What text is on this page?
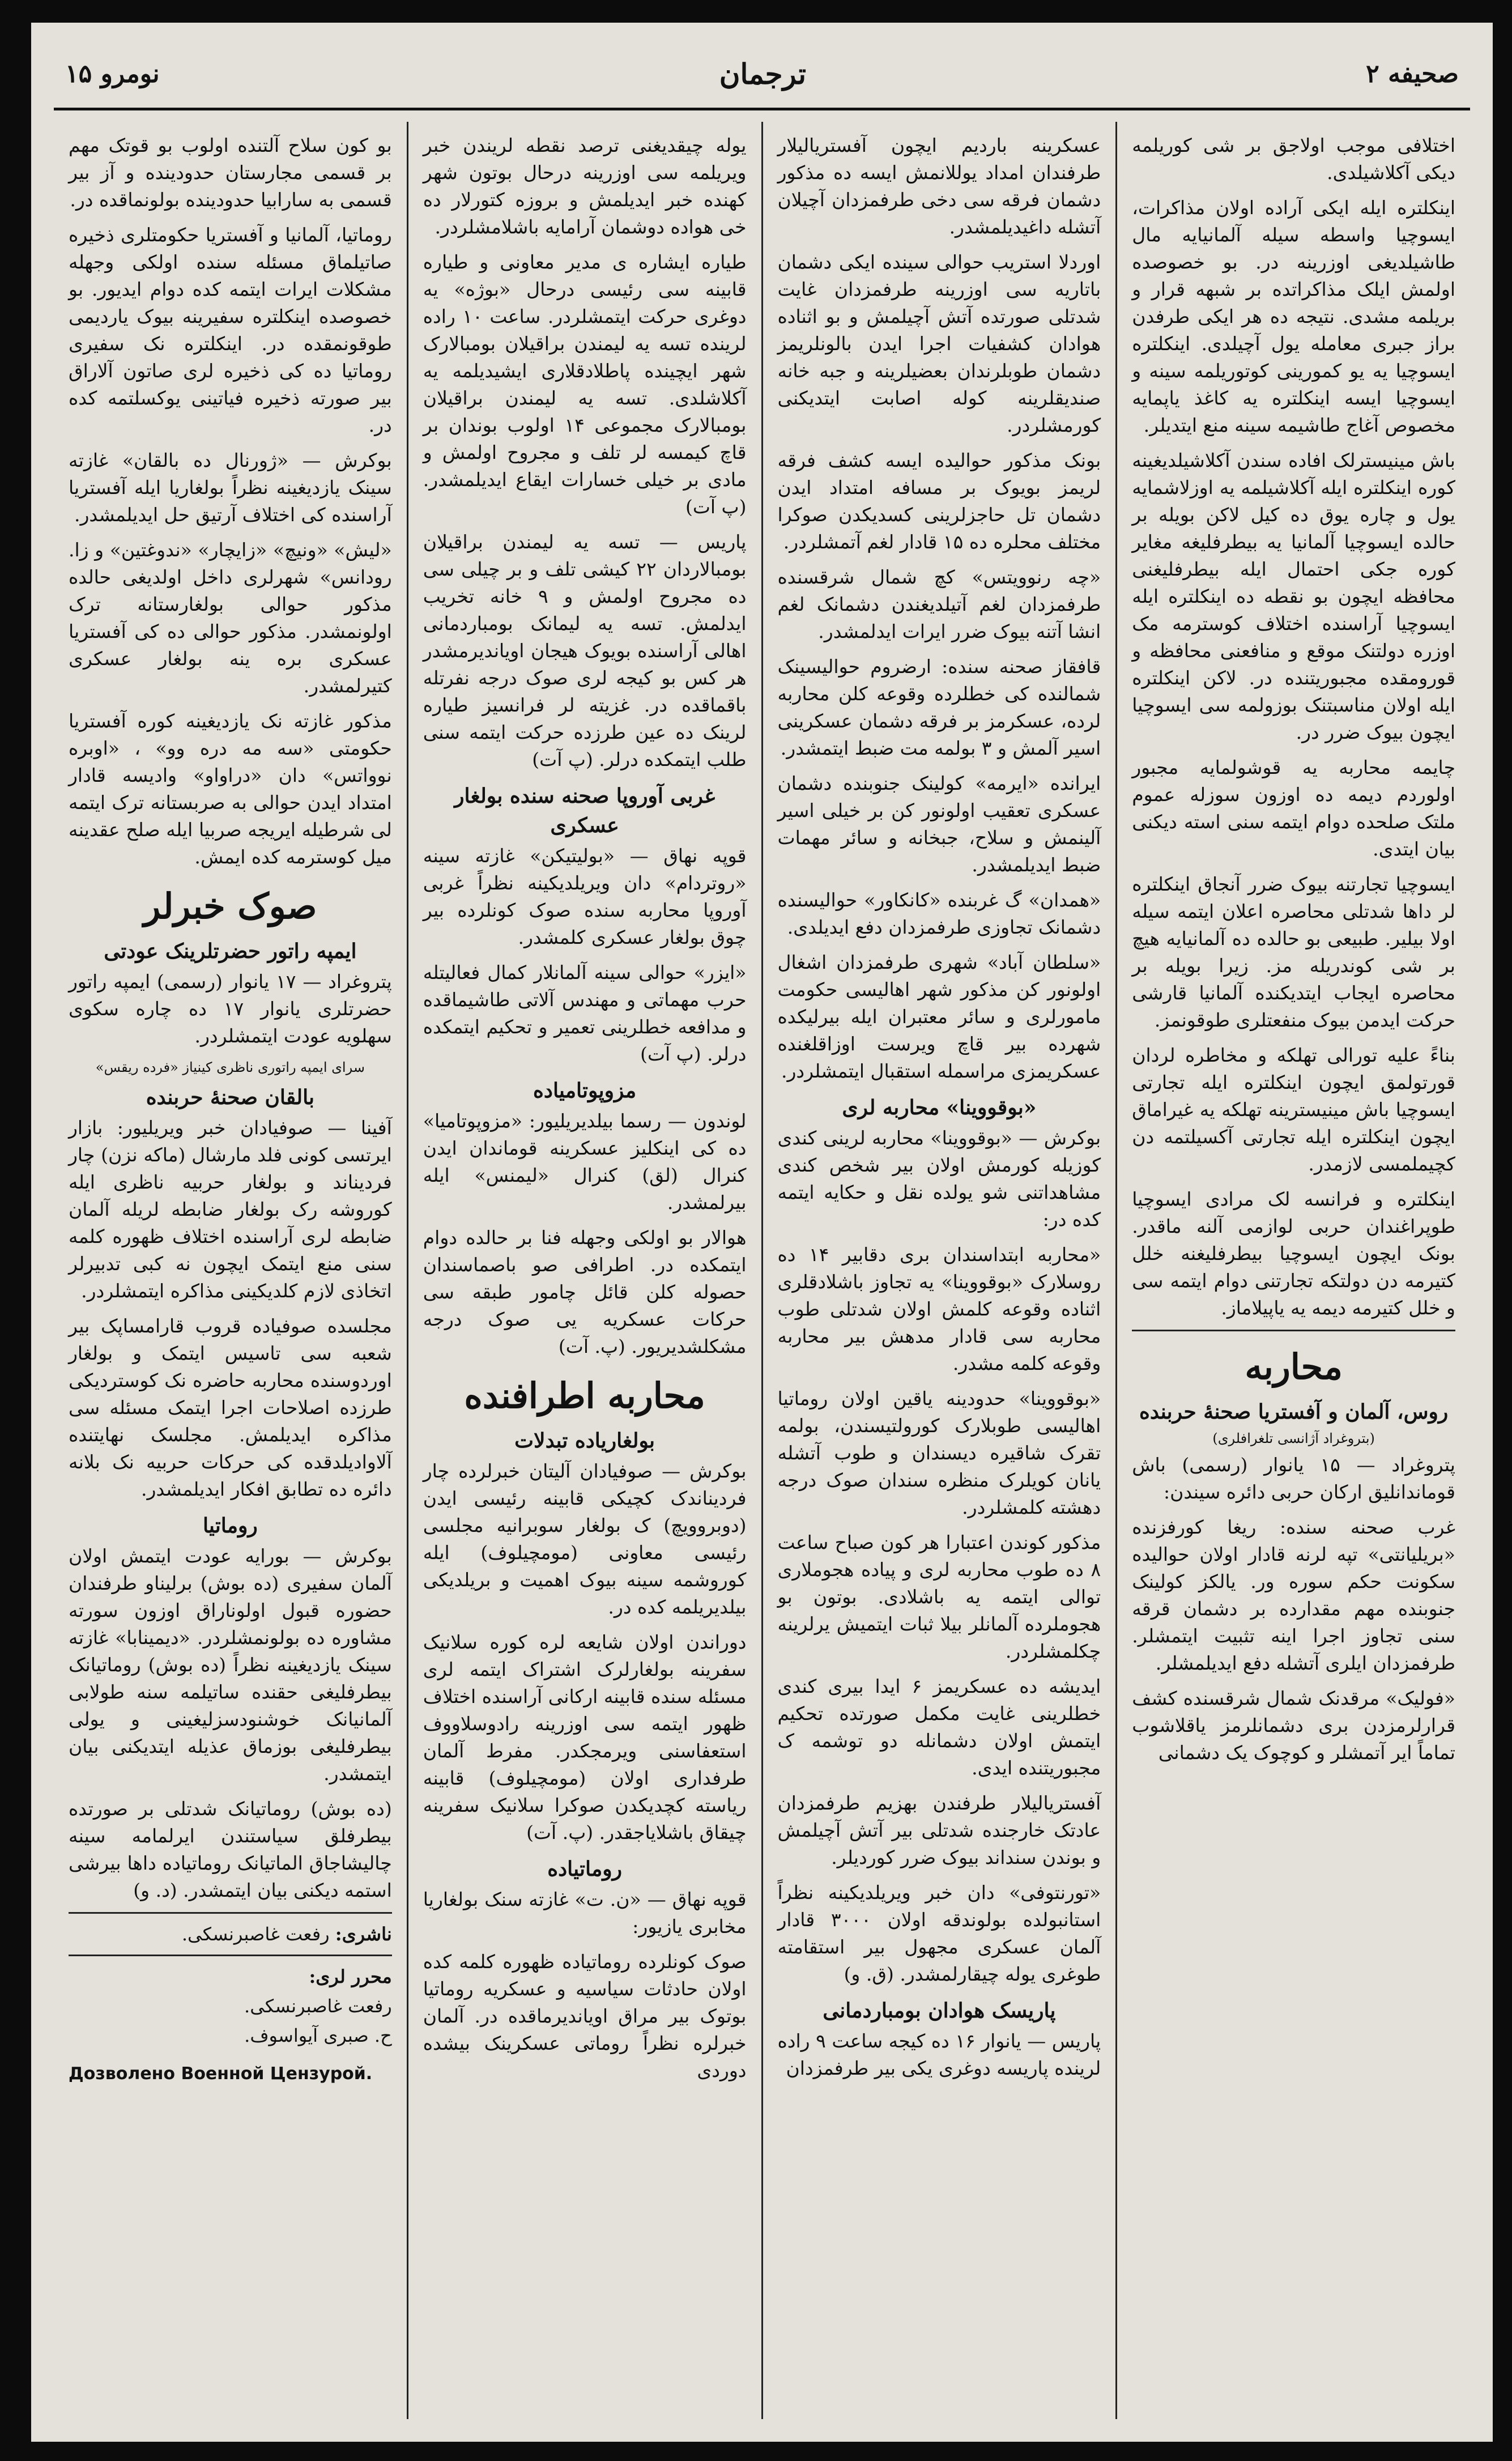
صحیفه ۲
ترجمان
نومرو ۱۵

اختلافی موجب اولاجق بر شی کوریلمه دیکی آکلاشیلدی.

اینکلتره ایله ایکی آراده اولان مذاکرات، ایسوچیا واسطه سیله آلمانیایه مال طاشیلدیغی اوزرینه در. بو خصوصده اولمش ایلک مذاکراتده بر شبهه قرار و بریلمه مشدی. نتیجه ده هر ایکی طرفدن براز جبری معامله یول آچیلدی. اینکلتره ایسوچیا یه یو کمورینی کوتوریلمه سینه و ایسوچیا ایسه اینکلتره یه کاغذ یاپمایه مخصوص آغاج طاشیمه سینه منع ایتدیلر.

باش مینیسترلک افاده سندن آکلاشیلدیغینه کوره اینکلتره ایله آکلاشیلمه یه اوزلاشمایه یول و چاره یوق ده کیل لاکن بویله بر حالده ایسوچیا آلمانیا یه بیطرفلیغه مغایر کوره جکی احتمال ایله بیطرفلیغنی محافظه ایچون بو نقطه ده اینکلتره ایله ایسوچیا آراسنده اختلاف کوسترمه مک اوزره دولتنک موقع و منافعنی محافظه و قورومقده مجبوریتنده در. لاکن اینکلتره ایله اولان مناسبتنک بوزولمه سی ایسوچیا ایچون بیوک ضرر در.

چایمه محاربه یه قوشولمایه مجبور اولوردم دیمه ده اوزون سوزله عموم ملتک صلحده دوام ایتمه سنی استه دیکنی بیان ایتدی.

ایسوچیا تجارتنه بیوک ضرر آنجاق اینکلتره لر داها شدتلی محاصره اعلان ایتمه سیله اولا بیلیر. طبیعی بو حالده ده آلمانیایه هیچ بر شی کوندریله مز. زیرا بویله بر محاصره ایجاب ایتدیکنده آلمانیا قارشی حرکت ایدمن بیوک منفعتلری طوقونمز.

بناءً علیه تورالی تهلکه و مخاطره لردان قورتولمق ایچون اینکلتره ایله تجارتی ایسوچیا باش مینیسترینه تهلکه یه غیراماق ایچون اینکلتره ایله تجارتی آکسیلتمه دن کچیملمسی لازمدر.

اینکلتره و فرانسه لک مرادی ایسوچیا طوپراغندان حربی لوازمی آلنه ماقدر. بونک ایچون ایسوچیا بیطرفلیغنه خلل کتیرمه دن دولتکه تجارتنی دوام ایتمه سی و خلل کتیرمه دیمه یه یاپیلاماز.

محاربه
روس، آلمان و آفستریا صحنهٔ حربنده
(بتروغراد آژانسی تلغرافلری)

پتروغراد — ۱۵ یانوار (رسمی) باش قوماندانلیق ارکان حربی دائره سیندن:

غرب صحنه سنده: ریغا کورفزنده «بریلیانتی» تپه لرنه قادار اولان حوالیده سکونت حکم سوره ور. یالکز کولینک جنوبنده مهم مقدارده بر دشمان قرقه سنی تجاوز اجرا اینه تثبیت ایتمشلر. طرفمزدان ایلری آتشله دفع ایدیلمشلر.

«فولیک» مرقدنک شمال شرقسنده کشف قرارلرمزدن بری دشمانلرمز یاقلاشوب تماماً ایر آتمشلر و کوچوک یک دشمانی

عسکرینه باردیم ایچون آفستریالیلار طرفندان امداد یوللانمش ایسه ده مذکور دشمان فرقه سی دخی طرفمزدان آچیلان آتشله داغیدیلمشدر.

اوردلا استریب حوالی سینده ایکی دشمان باتاریه سی اوزرینه طرفمزدان غایت شدتلی صورتده آتش آچیلمش و بو اثناده هوادان کشفیات اجرا ایدن بالونلریمز دشمان طوبلرندان بعضیلرینه و جبه خانه صندیقلرینه کوله اصابت ایتدیکنی کورمشلردر.

بونک مذکور حوالیده ایسه کشف فرقه لریمز بویوک بر مسافه امتداد ایدن دشمان تل حاجزلرینی کسدیکدن صوکرا مختلف محلره ده ۱۵ قادار لغم آتمشلردر.

«چه رنوویتس» کچ شمال شرقسنده طرفمزدان لغم آتیلدیغندن دشمانک لغم انشا آتنه بیوک ضرر ایرات ایدلمشدر.

قافقاز صحنه سنده: ارضروم حوالیسینک شمالنده کی خطلرده وقوعه کلن محاربه لرده، عسکرمز بر فرقه دشمان عسکرینی اسیر آلمش و ۳ بولمه مت ضبط ایتمشدر.

ایرانده «ایرمه» کولینک جنوبنده دشمان عسکری تعقیب اولونور کن بر خیلی اسیر آلینمش و سلاح، جبخانه و سائر مهمات ضبط ایدیلمشدر.

«همدان» گ غربنده «کانکاور» حوالیسنده دشمانک تجاوزی طرفمزدان دفع ایدیلدی.

«سلطان آباد» شهری طرفمزدان اشغال اولونور کن مذکور شهر اهالیسی حکومت مامورلری و سائر معتبران ایله بیرلیکده شهرده بیر قاچ ویرست اوزاقلغنده عسکریمزی مراسمله استقبال ایتمشلردر.

«بوقووینا» محاربه لری

بوکرش — «بوقووینا» محاربه لرینی کندی کوزیله کورمش اولان بیر شخص کندی مشاهداتنی شو یولده نقل و حکایه ایتمه کده در:

«محاربه ابتداسندان بری دقابیر ۱۴ ده روسلارک «بوقووینا» یه تجاوز باشلادقلری اثناده وقوعه کلمش اولان شدتلی طوب محاربه سی قادار مدهش بیر محاربه وقوعه کلمه مشدر.

«بوقووینا» حدودینه یاقین اولان روماتیا اهالیسی طوبلارک کورولتیسندن، بولمه تقرک شاقیره دیسندان و طوب آتشله یانان کویلرک منظره سندان صوک درجه دهشته کلمشلردر.

مذکور کوندن اعتبارا هر کون صباح ساعت ۸ ده طوب محاربه لری و پیاده هجوملاری توالی ایتمه یه باشلادی. بوتون بو هجوملرده آلمانلر بیلا ثبات ایتمیش یرلرینه چکلمشلردر.

ایدیشه ده عسکریمز ۶ ایدا بیری کندی خطلرینی غایت مکمل صورتده تحکیم ایتمش اولان دشمانله دو توشمه ک مجبوریتنده ایدی.

آفستریالیلار طرفندن بهزیم طرفمزدان عادتک خارجنده شدتلی بیر آتش آچیلمش و بوندن سنداند بیوک ضرر کوردیلر.

«تورنتوفی» دان خبر ویریلدیکینه نظراً استانبولده بولوندقه اولان ۳۰۰۰ قادار آلمان عسکری مجهول بیر استقامته طوغری یوله چیقارلمشدر. (ق. و)

پاریسک هوادان بومباردمانی

پاریس — یانوار ۱۶ ده کیجه ساعت ۹ راده لرینده پاریسه دوغری یکی بیر طرفمزدان

یوله چیقدیغنی ترصد نقطه لریندن خبر ویریلمه سی اوزرینه درحال بوتون شهر کهنده خبر ایدیلمش و بروزه کتورلار ده خی هواده دوشمان آرامایه باشلامشلردر.

طیاره ایشاره ی مدیر معاونی و طیاره قابینه سی رئیسی درحال «بوژه» یه دوغری حرکت ایتمشلردر. ساعت ۱۰ راده لرینده تسه یه لیمندن براقیلان بومبالارک شهر ایچینده پاطلادقلاری ایشیدیلمه یه آکلاشلدی. تسه یه لیمندن براقیلان بومبالارک مجموعی ۱۴ اولوب بوندان بر قاچ کیمسه لر تلف و مجروح اولمش و مادی بر خیلی خسارات ایقاع ایدیلمشدر. (پ آت)

پاریس — تسه یه لیمندن براقیلان بومبالاردان ۲۲ کیشی تلف و بر چیلی سی ده مجروح اولمش و ۹ خانه تخریب ایدلمش. تسه یه لیمانک بومباردمانی اهالی آراسنده بویوک هیجان اویاندیرمشدر هر کس بو کیجه لری صوک درجه نفرتله باقماقده در. غزیته لر فرانسیز طیاره لرینک ده عین طرزده حرکت ایتمه سنی طلب ایتمکده درلر. (پ آت)

غربی آوروپا صحنه سنده بولغار عسکری

قوپه نهاق — «بولیتیکن» غازته سینه «روتردام» دان ویریلدیکینه نظراً غربی آوروپا محاربه سنده صوک کونلرده بیر چوق بولغار عسکری کلمشدر.

«ایزر» حوالی سینه آلمانلار کمال فعالیتله حرب مهماتی و مهندس آلاتی طاشیماقده و مدافعه خطلرینی تعمیر و تحکیم ایتمکده درلر. (پ آت)

مزوپوتامیاده

لوندون — رسما بیلدیریلیور: «مزوپوتامیا» ده کی اینکلیز عسکرینه قوماندان ایدن کنرال (لق) کنرال «لیمنس» ایله بیرلمشدر.

هوالار بو اولکی وجهله فنا بر حالده دوام ایتمکده در. اطرافی صو باصماسندان حصوله کلن قائل چامور طبقه سی حرکات عسکریه یی صوک درجه مشکلشدیریور. (پ. آت)

محاربه اطرافنده
بولغاریاده تبدلات

بوکرش — صوفیادان آلیتان خبرلرده چار فردیناندک کچیکی قابینه رئیسی ایدن (دوبروویچ) ک بولغار سوبرانیه مجلسی رئیسی معاونی (مومچیلوف) ایله کوروشمه سینه بیوک اهمیت و بریلدیکی بیلدیریلمه کده در.

دوراندن اولان شایعه لره کوره سلانیک سفرینه بولغارلرک اشتراک ایتمه لری مسئله سنده قابینه ارکانی آراسنده اختلاف ظهور ایتمه سی اوزرینه رادوسلاووف استعفاسنی ویرمجکدر. مفرط آلمان طرفداری اولان (مومچیلوف) قابینه ریاسته کچدیکدن صوکرا سلانیک سفرینه چیقاق باشلایاجقدر. (پ. آت)

روماتیاده

قوپه نهاق — «ن. ت» غازته سنک بولغاریا مخابری یازیور:

صوک کونلرده روماتیاده ظهوره کلمه کده اولان حادثات سیاسیه و عسکریه روماتیا بوتوک بیر مراق اویاندیرماقده در. آلمان خبرلره نظراً روماتی عسکرینک بیشده دوردی

بو کون سلاح آلتنده اولوب بو قوتک مهم بر قسمی مجارستان حدودینده و آز بیر قسمی به سارابیا حدودینده بولونماقده در.

روماتیا، آلمانیا و آفستریا حکومتلری ذخیره صاتیلماق مسئله سنده اولکی وجهله مشکلات ایرات ایتمه کده دوام ایدیور. بو خصوصده اینکلتره سفیرینه بیوک یاردیمی طوقونمقده در. اینکلتره نک سفیری روماتیا ده کی ذخیره لری صاتون آلاراق بیر صورته ذخیره فیاتینی یوکسلتمه کده در.

بوکرش — «ژورنال ده بالقان» غازته سینک یازدیغینه نظراً بولغاریا ایله آفستریا آراسنده کی اختلاف آرتیق حل ایدیلمشدر.

«لیش» «ونیچ» «زایچار» «ندوغتین» و زا. رودانس» شهرلری داخل اولدیغی حالده مذکور حوالی بولغارستانه ترک اولونمشدر. مذکور حوالی ده کی آفستریا عسکری بره ینه بولغار عسکری کتیرلمشدر.

مذکور غازته نک یازدیغینه کوره آفستریا حکومتی «سه مه دره وو» ، «اوبره نوواتس» دان «دراواو» وادیسه قادار امتداد ایدن حوالی به صربستانه ترک ایتمه لی شرطیله ایریجه صربیا ایله صلح عقدینه میل کوسترمه کده ایمش.

صوک خبرلر
ایمپه راتور حضرتلرینک عودتی

پتروغراد — ۱۷ یانوار (رسمی) ایمپه راتور حضرتلری یانوار ۱۷ ده چاره سکوی سهلویه عودت ایتمشلردر.

سرای ایمپه راتوری ناظری کینیاز «فرده ریقس»
بالقان صحنهٔ حربنده

آفینا — صوفیادان خبر ویریلیور: بازار ایرتسی کونی فلد مارشال (ماکه نزن) چار فردیناند و بولغار حربیه ناظری ایله کوروشه رک بولغار ضابطه لریله آلمان ضابطه لری آراسنده اختلاف ظهوره کلمه سنی منع ایتمک ایچون نه کبی تدبیرلر اتخاذی لازم کلدیکینی مذاکره ایتمشلردر.

مجلسده صوفیاده قروب قارامساپک بیر شعبه سی تاسیس ایتمک و بولغار اوردوسنده محاربه حاضره نک کوستردیکی طرزده اصلاحات اجرا ایتمک مسئله سی مذاکره ایدیلمش. مجلسک نهایتنده آلاوادیلدقده کی حرکات حربیه نک بلانه دائره ده تطابق افکار ایدیلمشدر.

روماتیا

بوکرش — بورایه عودت ایتمش اولان آلمان سفیری (ده بوش) برلیناو طرفندان حضوره قبول اولوناراق اوزون سورته مشاوره ده بولونمشلردر. «دیمینابا» غازته سینک یازدیغینه نظراً (ده بوش) روماتیانک بیطرفلیغی حقنده ساتیلمه سنه طولابی آلمانیانک خوشنودسزلیغینی و یولی بیطرفلیغی بوزماق عذیله ایتدیکنی بیان ایتمشدر.

(ده بوش) روماتیانک شدتلی بر صورتده بیطرفلق سیاستندن ایرلمامه سینه چالیشاجاق الماتیانک روماتیاده داها بیرشی استمه دیکنی بیان ایتمشدر. (د. و)

ناشری: رفعت غاصبرنسکی.

محرر لری:

رفعت غاصبرنسکی.

ح. صبری آیواسوف.

Дозволено Военной Цензурой.
